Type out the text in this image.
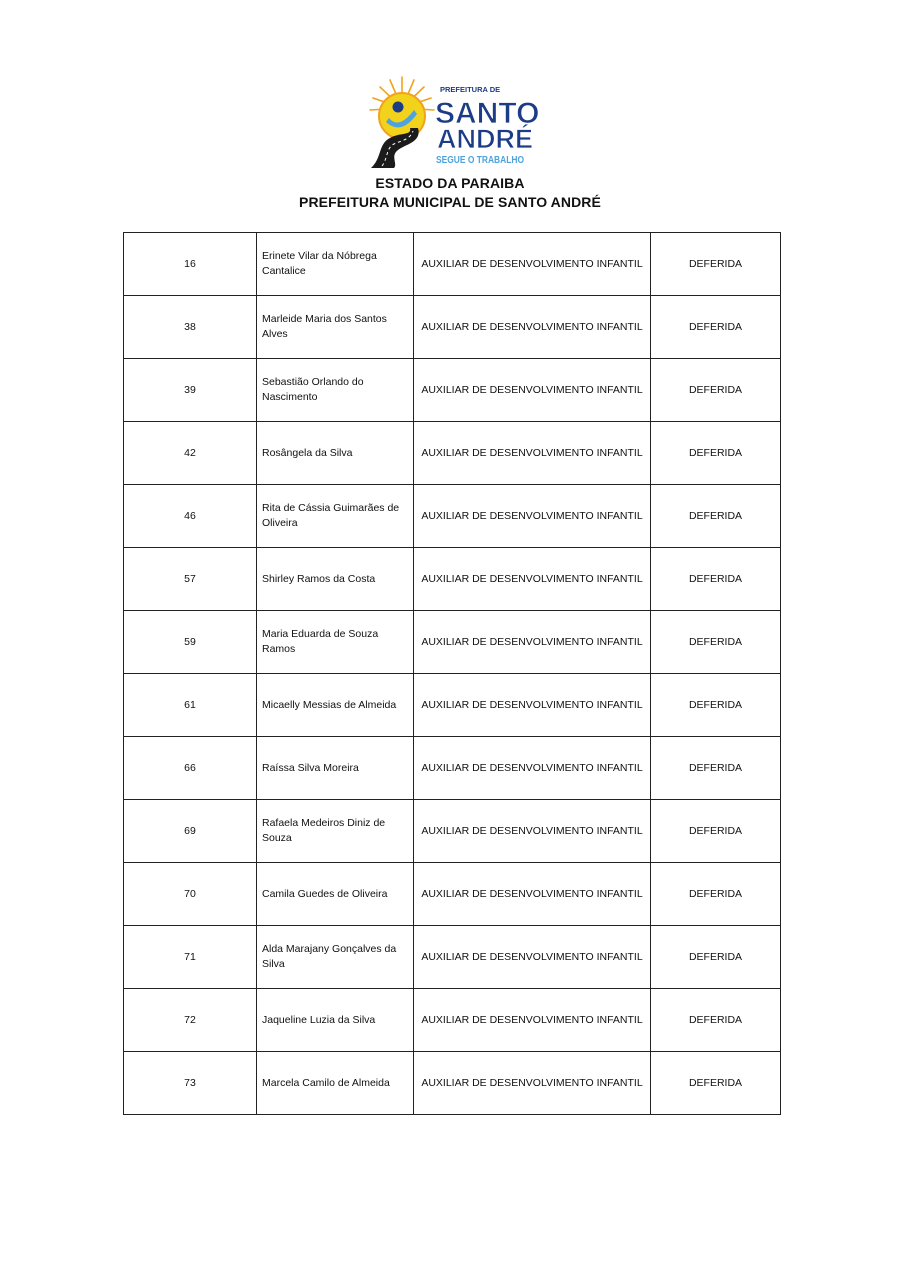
PREFEITURA DE
SANTO
ANDRÉ
SEGUE O TRABALHO
ESTADO DA PARAIBA
PREFEITURA MUNICIPAL DE SANTO ANDRÉ
16	Erinete Vilar da Nóbrega Cantalice	AUXILIAR DE DESENVOLVIMENTO INFANTIL	DEFERIDA
38	Marleide Maria dos Santos Alves	AUXILIAR DE DESENVOLVIMENTO INFANTIL	DEFERIDA
39	Sebastião Orlando do Nascimento	AUXILIAR DE DESENVOLVIMENTO INFANTIL	DEFERIDA
42	Rosângela da Silva	AUXILIAR DE DESENVOLVIMENTO INFANTIL	DEFERIDA
46	Rita de Cássia Guimarães de Oliveira	AUXILIAR DE DESENVOLVIMENTO INFANTIL	DEFERIDA
57	Shirley Ramos da Costa	AUXILIAR DE DESENVOLVIMENTO INFANTIL	DEFERIDA
59	Maria Eduarda de Souza Ramos	AUXILIAR DE DESENVOLVIMENTO INFANTIL	DEFERIDA
61	Micaelly Messias de Almeida	AUXILIAR DE DESENVOLVIMENTO INFANTIL	DEFERIDA
66	Raíssa Silva Moreira	AUXILIAR DE DESENVOLVIMENTO INFANTIL	DEFERIDA
69	Rafaela Medeiros Diniz de Souza	AUXILIAR DE DESENVOLVIMENTO INFANTIL	DEFERIDA
70	Camila Guedes de Oliveira	AUXILIAR DE DESENVOLVIMENTO INFANTIL	DEFERIDA
71	Alda Marajany Gonçalves da Silva	AUXILIAR DE DESENVOLVIMENTO INFANTIL	DEFERIDA
72	Jaqueline Luzia da Silva	AUXILIAR DE DESENVOLVIMENTO INFANTIL	DEFERIDA
73	Marcela Camilo de Almeida	AUXILIAR DE DESENVOLVIMENTO INFANTIL	DEFERIDA
